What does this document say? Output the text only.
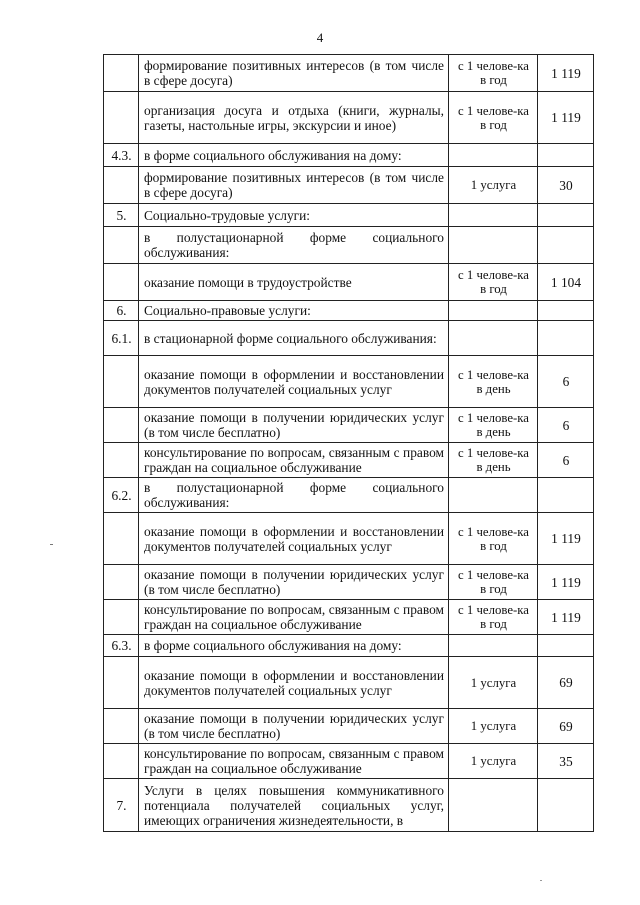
4
	формирование позитивных интересов (в том числе в сфере досуга)	с 1 челове-ка в год	1 119
	организация досуга и отдыха (книги, журналы, газеты, настольные игры, экскурсии и иное)	с 1 челове-ка в год	1 119
4.3.	в форме социального обслуживания на дому:		
	формирование позитивных интересов (в том числе в сфере досуга)	1 услуга	30
5.	Социально-трудовые услуги:		
	в полустационарной форме социального обслуживания:		
	оказание помощи в трудоустройстве	с 1 челове-ка в год	1 104
6.	Социально-правовые услуги:		
6.1.	в стационарной форме социального обслуживания:		
	оказание помощи в оформлении и восстановлении документов получателей социальных услуг	с 1 челове-ка в день	6
	оказание помощи в получении юридических услуг (в том числе бесплатно)	с 1 челове-ка в день	6
	консультирование по вопросам, связанным с правом граждан на социальное обслуживание	с 1 челове-ка в день	6
6.2.	в полустационарной форме социального обслуживания:		
	оказание помощи в оформлении и восстановлении документов получателей социальных услуг	с 1 челове-ка в год	1 119
	оказание помощи в получении юридических услуг (в том числе бесплатно)	с 1 челове-ка в год	1 119
	консультирование по вопросам, связанным с правом граждан на социальное обслуживание	с 1 челове-ка в год	1 119
6.3.	в форме социального обслуживания на дому:		
	оказание помощи в оформлении и восстановлении документов получателей социальных услуг	1 услуга	69
	оказание помощи в получении юридических услуг (в том числе бесплатно)	1 услуга	69
	консультирование по вопросам, связанным с правом граждан на социальное обслуживание	1 услуга	35
7.	Услуги в целях повышения коммуникативного потенциала получателей социальных услуг, имеющих ограничения жизнедеятельности, в		
